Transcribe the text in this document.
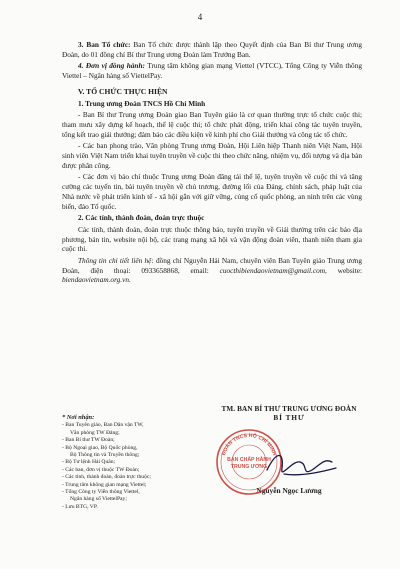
4

3. Ban Tổ chức: Ban Tổ chức được thành lập theo Quyết định của Ban Bí thư Trung ương Đoàn, do 01 đồng chí Bí thư Trung ương Đoàn làm Trưởng Ban.

4. Đơn vị đồng hành: Trung tâm không gian mạng Viettel (VTCC), Tổng Công ty Viễn thông Viettel – Ngân hàng số ViettelPay.

V. TỔ CHỨC THỰC HIỆN

1. Trung ương Đoàn TNCS Hồ Chí Minh

- Ban Bí thư Trung ương Đoàn giao Ban Tuyên giáo là cơ quan thường trực tổ chức cuộc thi; tham mưu xây dựng kế hoạch, thể lệ cuộc thi; tổ chức phát động, triển khai công tác tuyên truyền, tổng kết trao giải thưởng; đảm bảo các điều kiện về kinh phí cho Giải thưởng và công tác tổ chức.

- Các ban phong trào, Văn phòng Trung ương Đoàn, Hội Liên hiệp Thanh niên Việt Nam, Hội sinh viên Việt Nam triển khai tuyên truyền về cuộc thi theo chức năng, nhiệm vụ, đối tượng và địa bàn được phân công.

- Các đơn vị báo chí thuộc Trung ương Đoàn đăng tải thể lệ, tuyên truyền về cuộc thi và tăng cường các tuyến tin, bài tuyên truyền về chủ trương, đường lối của Đảng, chính sách, pháp luật của Nhà nước về phát triển kinh tế - xã hội gắn với giữ vững, củng cố quốc phòng, an ninh trên các vùng biển, đảo Tổ quốc.

2. Các tỉnh, thành đoàn, đoàn trực thuộc

Các tỉnh, thành đoàn, đoàn trực thuộc thông báo, tuyên truyền về Giải thưởng trên các báo địa phương, bản tin, website nội bộ, các trang mạng xã hội và vận động đoàn viên, thanh niên tham gia cuộc thi.

Thông tin chi tiết liên hệ: đồng chí Nguyễn Hải Nam, chuyên viên Ban Tuyên giáo Trung ương Đoàn, điện thoại: 0933658868, email: cuocthibiendaovietnam@gmail.com, website: biendaovietnam.org.vn.

* Nơi nhận:
- Ban Tuyên giáo, Ban Dân vận TW,
Văn phòng TW Đảng;
- Ban Bí thư TW Đoàn;
- Bộ Ngoại giao, Bộ Quốc phòng,
Bộ Thông tin và Truyền thông;
- Bộ Tư lệnh Hải Quân;
- Các ban, đơn vị thuộc TW Đoàn;
- Các tỉnh, thành đoàn, đoàn trực thuộc;
- Trung tâm không gian mạng Viettel;
- Tổng Công ty Viễn thông Viettel,
Ngân hàng số ViettelPay;
- Lưu BTG, VP.
TM. BAN BÍ THƯ TRUNG ƯƠNG ĐOÀN
BÍ THƯ
Nguyễn Ngọc Lương
ĐOÀN TNCS HỒ CHÍ MINH
BAN CHẤP HÀNH
TRUNG ƯƠNG
